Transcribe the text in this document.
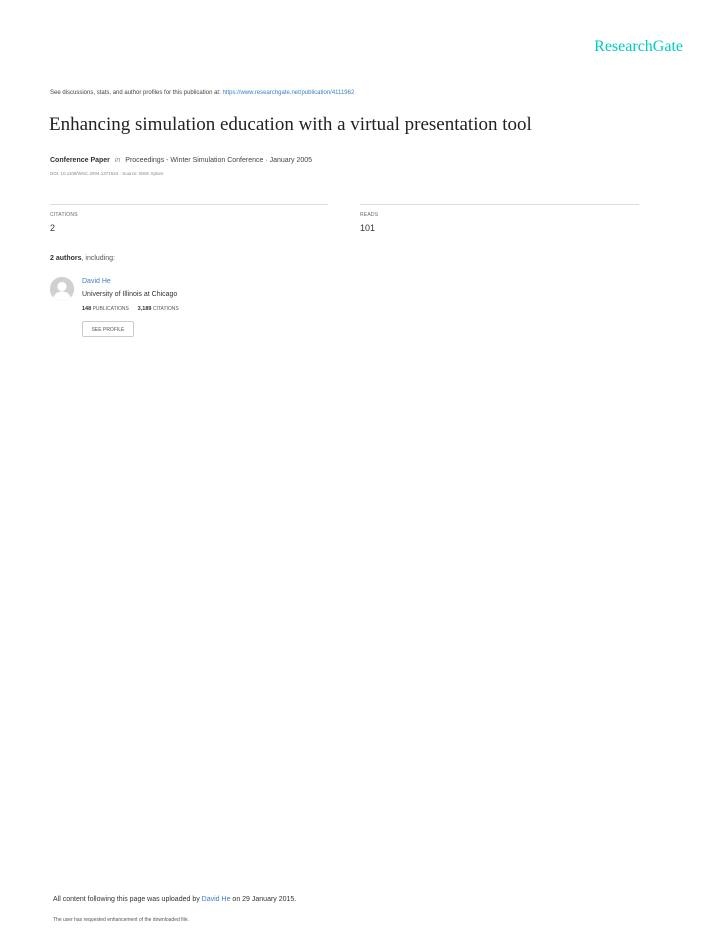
ResearchGate
See discussions, stats, and author profiles for this publication at: https://www.researchgate.net/publication/4111962
Enhancing simulation education with a virtual presentation tool
Conference Paper in Proceedings - Winter Simulation Conference · January 2005
DOI: 10.1109/WSC.2004.1371524 · Source: IEEE Xplore
CITATIONS
2
READS
101
2 authors, including:
David He
University of Illinois at Chicago
148 PUBLICATIONS 3,189 CITATIONS
SEE PROFILE
All content following this page was uploaded by David He on 29 January 2015.
The user has requested enhancement of the downloaded file.
